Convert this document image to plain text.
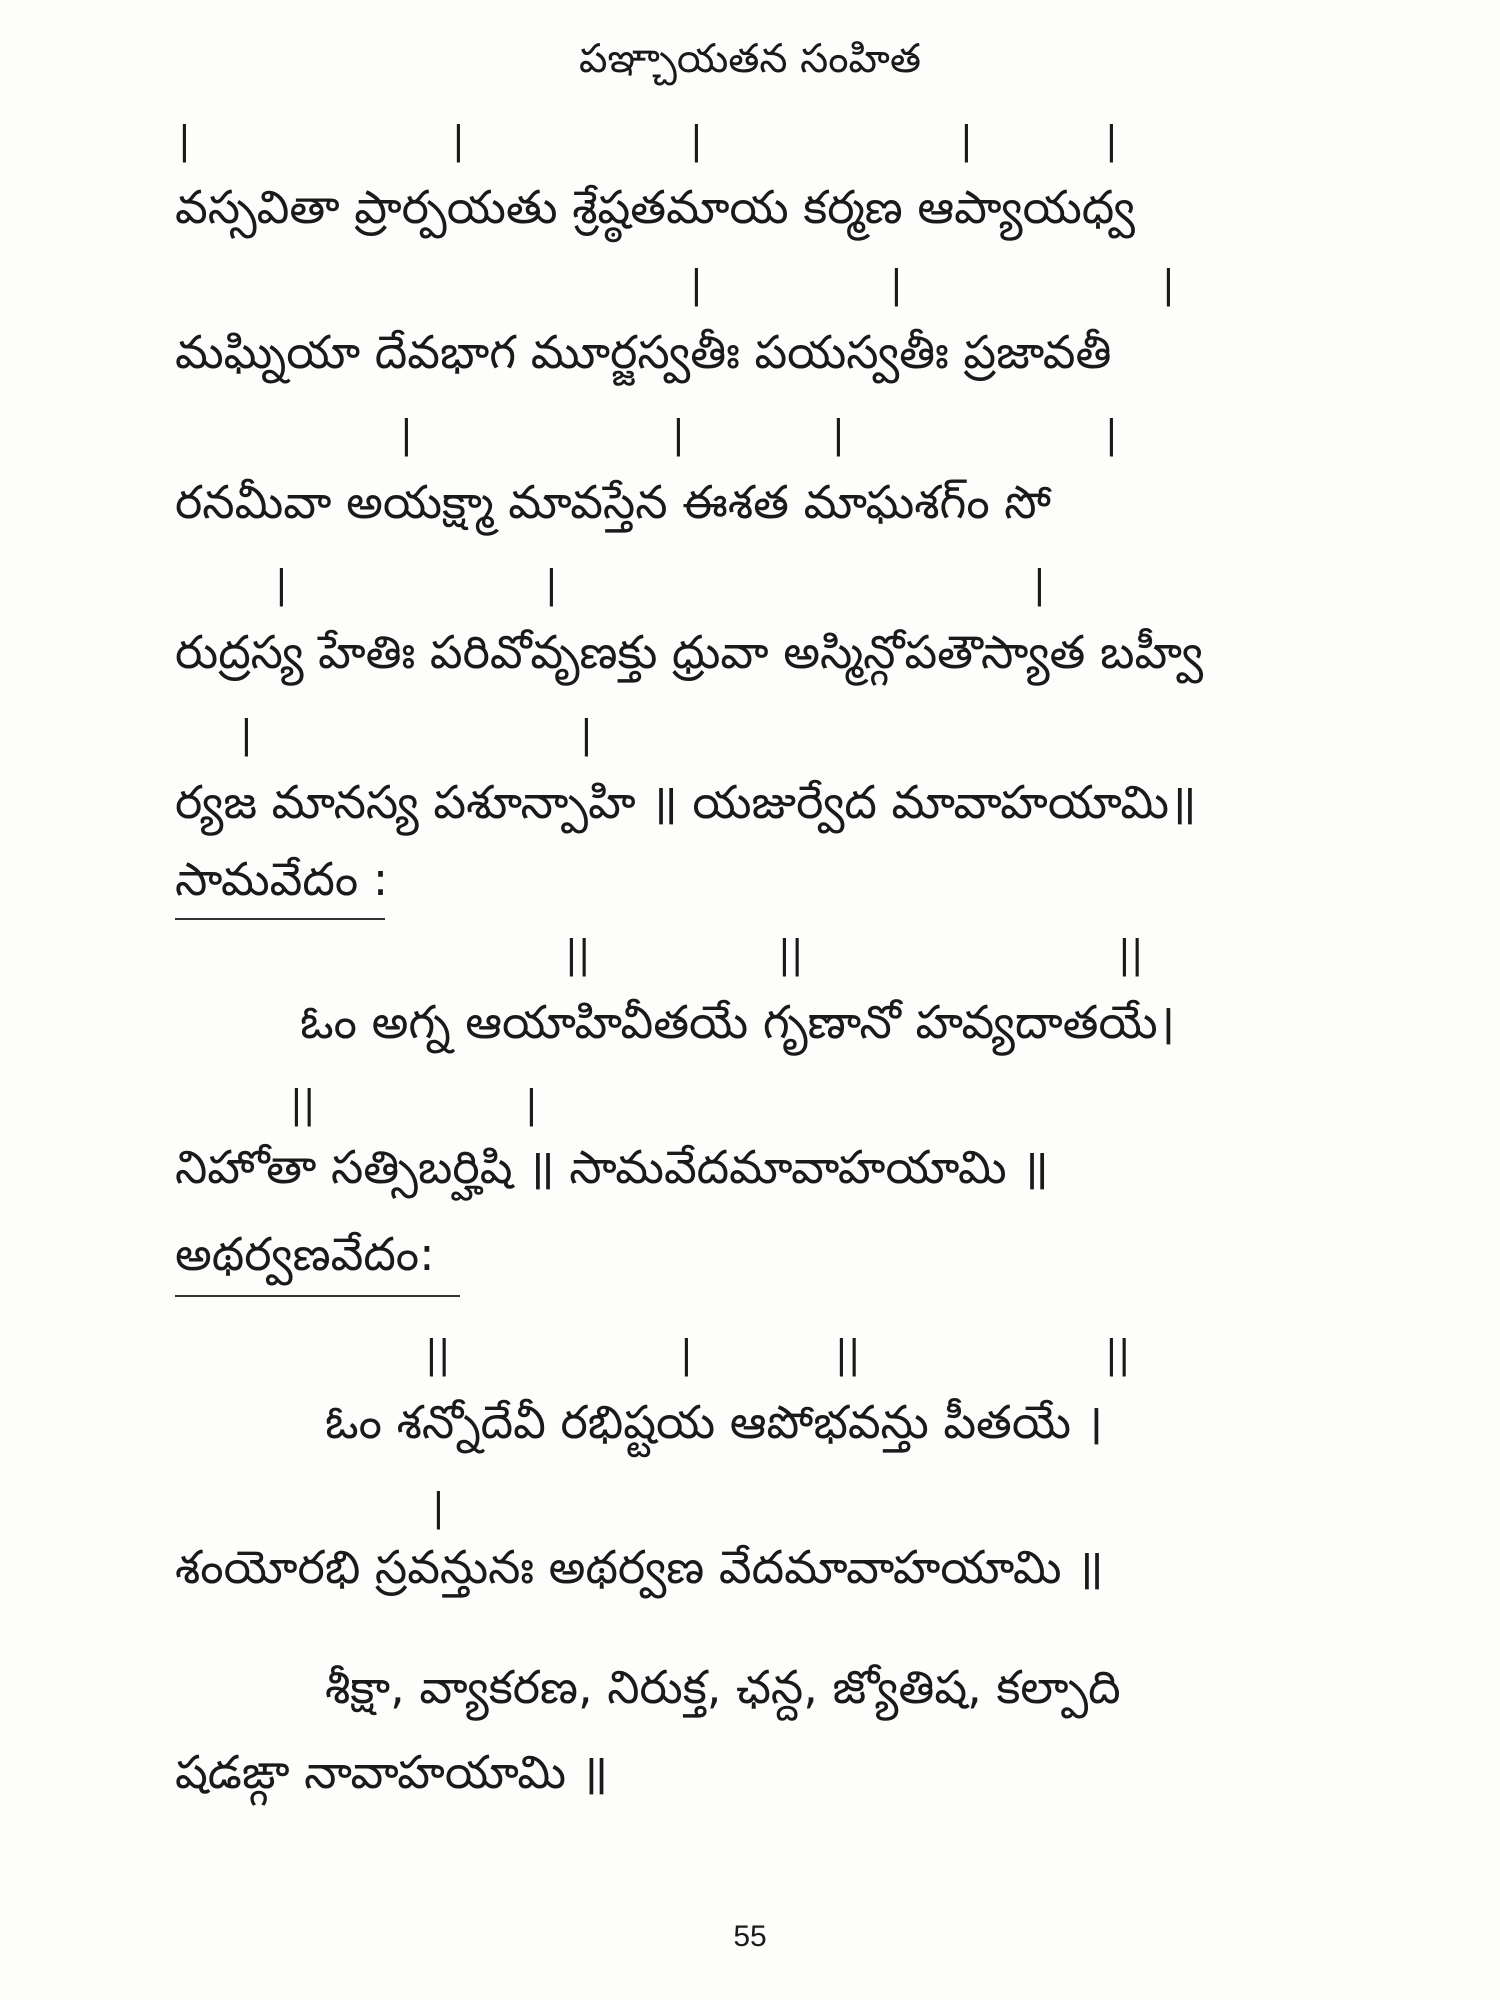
పఞ్చాయతన సంహిత
|	|	|	|	|
వస్సవితా ప్రార్పయతు శ్రేష్ఠతమాయ కర్మణ ఆప్యాయధ్వ
|	|	|
మఘ్నియా దేవభాగ మూర్జస్వతీః పయస్వతీః ప్రజావతీ
|	|	|	|
రనమీవా అయక్ష్మా మావస్తేన ఈశత మాఘశగ్ం సో
|	|	|
రుద్రస్య హేతిః పరివోవృణక్తు ధ్రువా అస్మిన్గోపతౌస్యాత బహ్వీ
|	|
ర్యజ మానస్య పశూన్పాహి ॥ యజుర్వేద మావాహయామి॥
సామవేదం :
||	||	||
ఓం అగ్న ఆయాహివీతయే గృణానో హవ్యదాతయే।
||	|
నిహోతా సత్సిబర్హిషి ॥ సామవేదమావాహయామి ॥
అథర్వణవేదం:
||	|	||	||
ఓం శన్నోదేవీ రభిష్టయ ఆపోభవన్తు పీతయే ।
|
శంయోరభి స్రవన్తునః అథర్వణ వేదమావాహయామి ॥
శీక్షా, వ్యాకరణ, నిరుక్త, ఛన్ద, జ్యోతిష, కల్పాది
షడఙ్గా నావాహయామి ॥
55
